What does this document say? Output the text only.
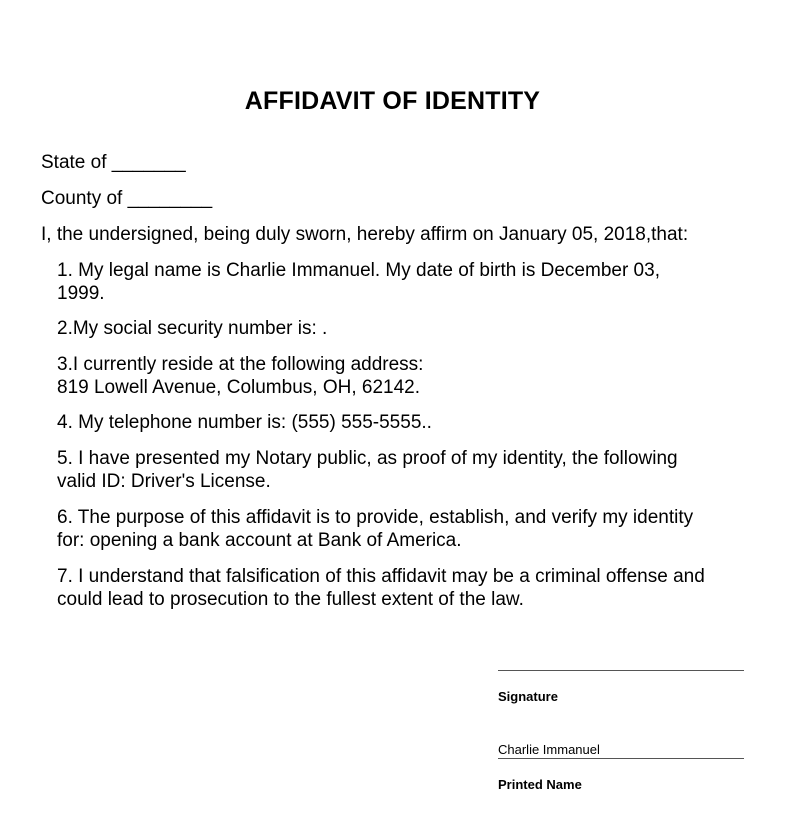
AFFIDAVIT OF IDENTITY
State of _______
County of ________
I, the undersigned, being duly sworn, hereby affirm on January 05, 2018,that:
1. My legal name is Charlie Immanuel. My date of birth is December 03,
1999.
2.My social security number is: .
3.I currently reside at the following address:
819 Lowell Avenue, Columbus, OH, 62142.
4. My telephone number is: (555) 555-5555..
5. I have presented my Notary public, as proof of my identity, the following
valid ID: Driver's License.
6. The purpose of this affidavit is to provide, establish, and verify my identity
for: opening a bank account at Bank of America.
7. I understand that falsification of this affidavit may be a criminal offense and
could lead to prosecution to the fullest extent of the law.
Signature
Charlie Immanuel
Printed Name
